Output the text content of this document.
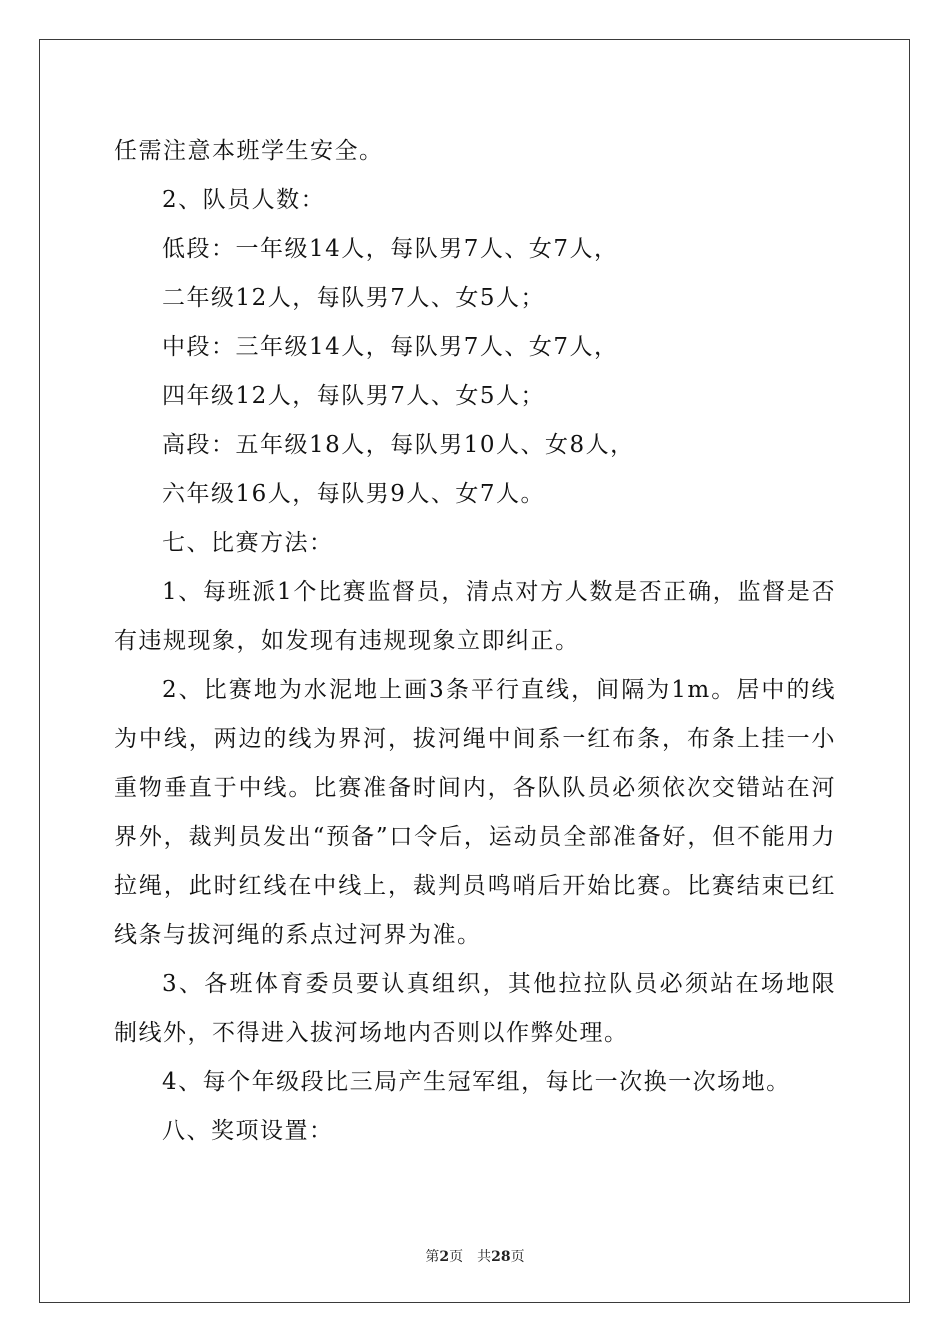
任需注意本班学生安全。

2、队员人数：

低段：一年级14人，每队男7人、女7人，

二年级12人，每队男7人、女5人；

中段：三年级14人，每队男7人、女7人，

四年级12人，每队男7人、女5人；

高段：五年级18人，每队男10人、女8人，

六年级16人，每队男9人、女7人。

七、比赛方法：

1、每班派1个比赛监督员，清点对方人数是否正确，监督是否有违规现象，如发现有违规现象立即纠正。

2、比赛地为水泥地上画3条平行直线，间隔为1m。居中的线为中线，两边的线为界河，拔河绳中间系一红布条，布条上挂一小重物垂直于中线。比赛准备时间内，各队队员必须依次交错站在河界外，裁判员发出“预备”口令后，运动员全部准备好，但不能用力拉绳，此时红线在中线上，裁判员鸣哨后开始比赛。比赛结束已红线条与拔河绳的系点过河界为准。

3、各班体育委员要认真组织，其他拉拉队员必须站在场地限制线外，不得进入拔河场地内否则以作弊处理。

4、每个年级段比三局产生冠军组，每比一次换一次场地。

八、奖项设置：

第2页 共28页
